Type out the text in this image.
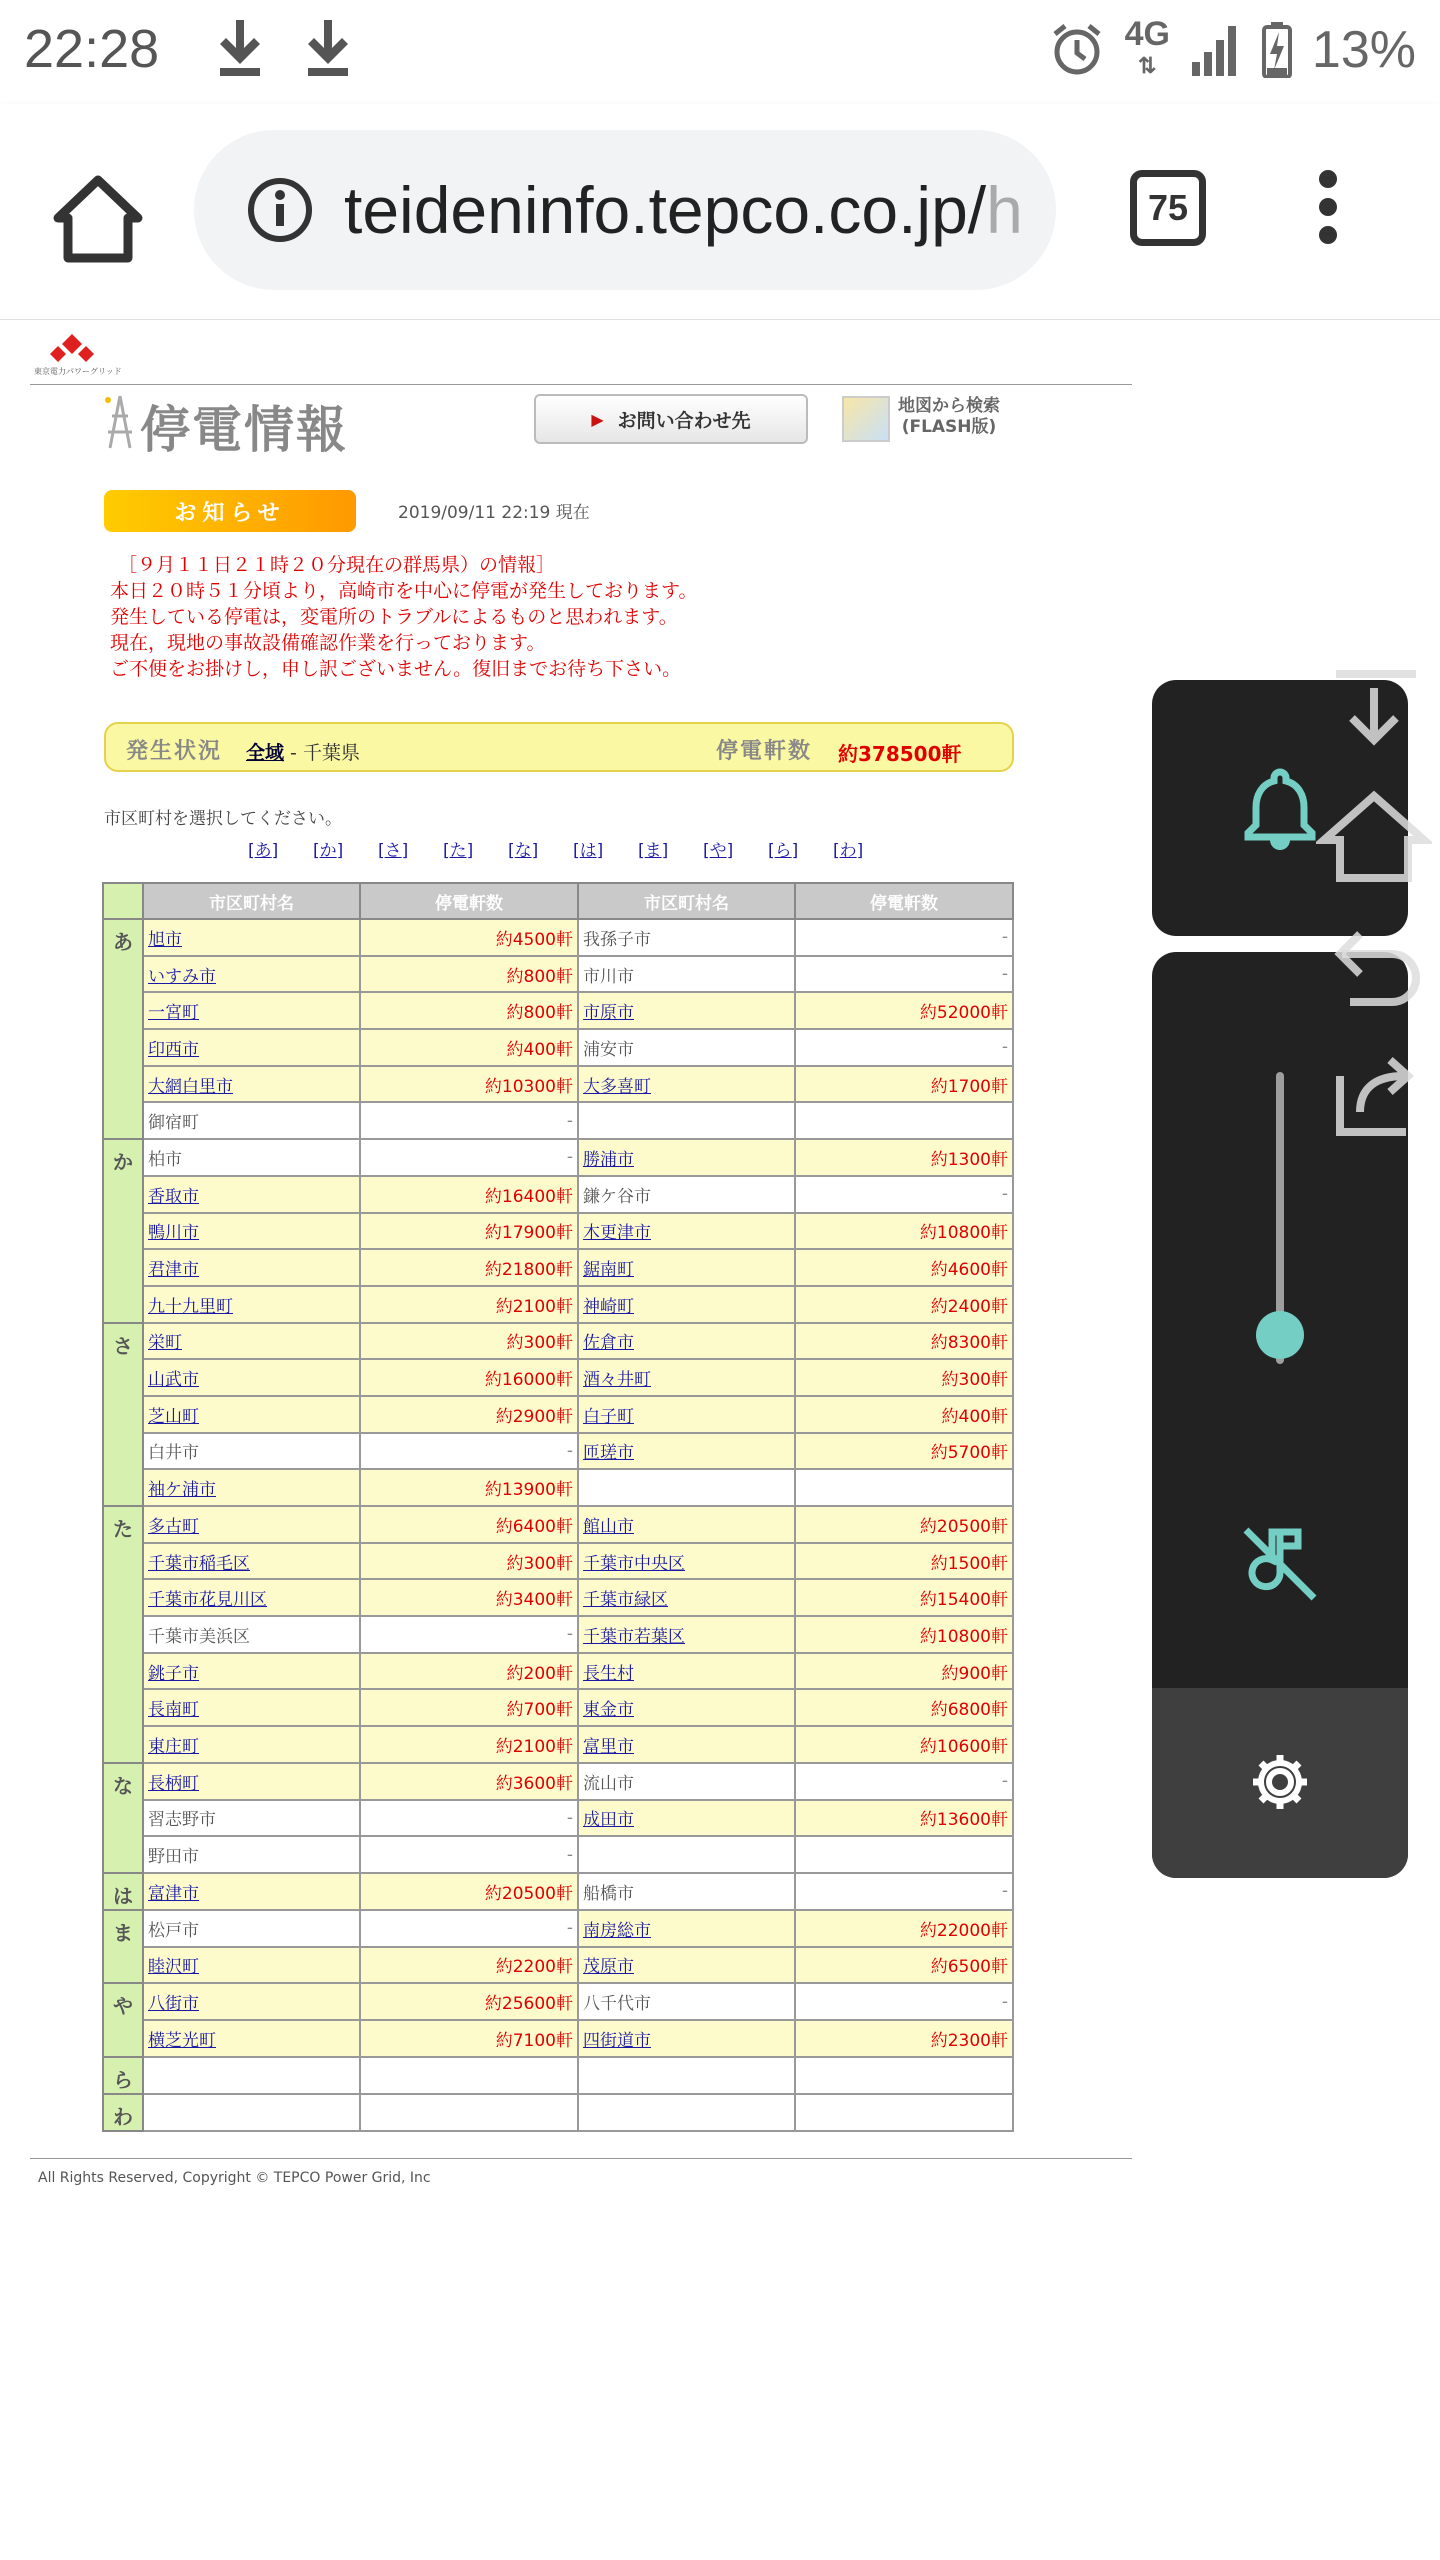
22:28	4G
⇅	13%
teideninfo.tepco.co.jp/h	75
東京電力パワーグリッド
停電情報	▶ お問い合わせ先
地図から検索
(FLASH版)
お知らせ	2019/09/11 22:19 現在
［９月１１日２１時２０分現在の群馬県）の情報］
本日２０時５１分頃より，高崎市を中心に停電が発生しております。
発生している停電は，変電所のトラブルによるものと思われます。
現在，現地の事故設備確認作業を行っております。
ご不便をお掛けし，申し訳ございません。復旧までお待ち下さい。
発生状況 全域 - 千葉県	停電軒数 約378500軒
市区町村を選択してください。
[あ]	[か]	[さ]	[た]	[な]	[は]	[ま]	[や]	[ら]	[わ]
	市区町村名	停電軒数	市区町村名	停電軒数
あ	旭市	約4500軒	我孫子市	-
	いすみ市	約800軒	市川市	-
	一宮町	約800軒	市原市	約52000軒
	印西市	約400軒	浦安市	-
	大網白里市	約10300軒	大多喜町	約1700軒
	御宿町	-		
か	柏市	-	勝浦市	約1300軒
	香取市	約16400軒	鎌ケ谷市	-
	鴨川市	約17900軒	木更津市	約10800軒
	君津市	約21800軒	鋸南町	約4600軒
	九十九里町	約2100軒	神崎町	約2400軒
さ	栄町	約300軒	佐倉市	約8300軒
	山武市	約16000軒	酒々井町	約300軒
	芝山町	約2900軒	白子町	約400軒
	白井市	-	匝瑳市	約5700軒
	袖ケ浦市	約13900軒		
た	多古町	約6400軒	館山市	約20500軒
	千葉市稲毛区	約300軒	千葉市中央区	約1500軒
	千葉市花見川区	約3400軒	千葉市緑区	約15400軒
	千葉市美浜区	-	千葉市若葉区	約10800軒
	銚子市	約200軒	長生村	約900軒
	長南町	約700軒	東金市	約6800軒
	東庄町	約2100軒	富里市	約10600軒
な	長柄町	約3600軒	流山市	-
	習志野市	-	成田市	約13600軒
	野田市	-		
は	富津市	約20500軒	船橋市	-
ま	松戸市	-	南房総市	約22000軒
	睦沢町	約2200軒	茂原市	約6500軒
や	八街市	約25600軒	八千代市	-
	横芝光町	約7100軒	四街道市	約2300軒
ら				
わ				
All Rights Reserved, Copyright © TEPCO Power Grid, Inc
